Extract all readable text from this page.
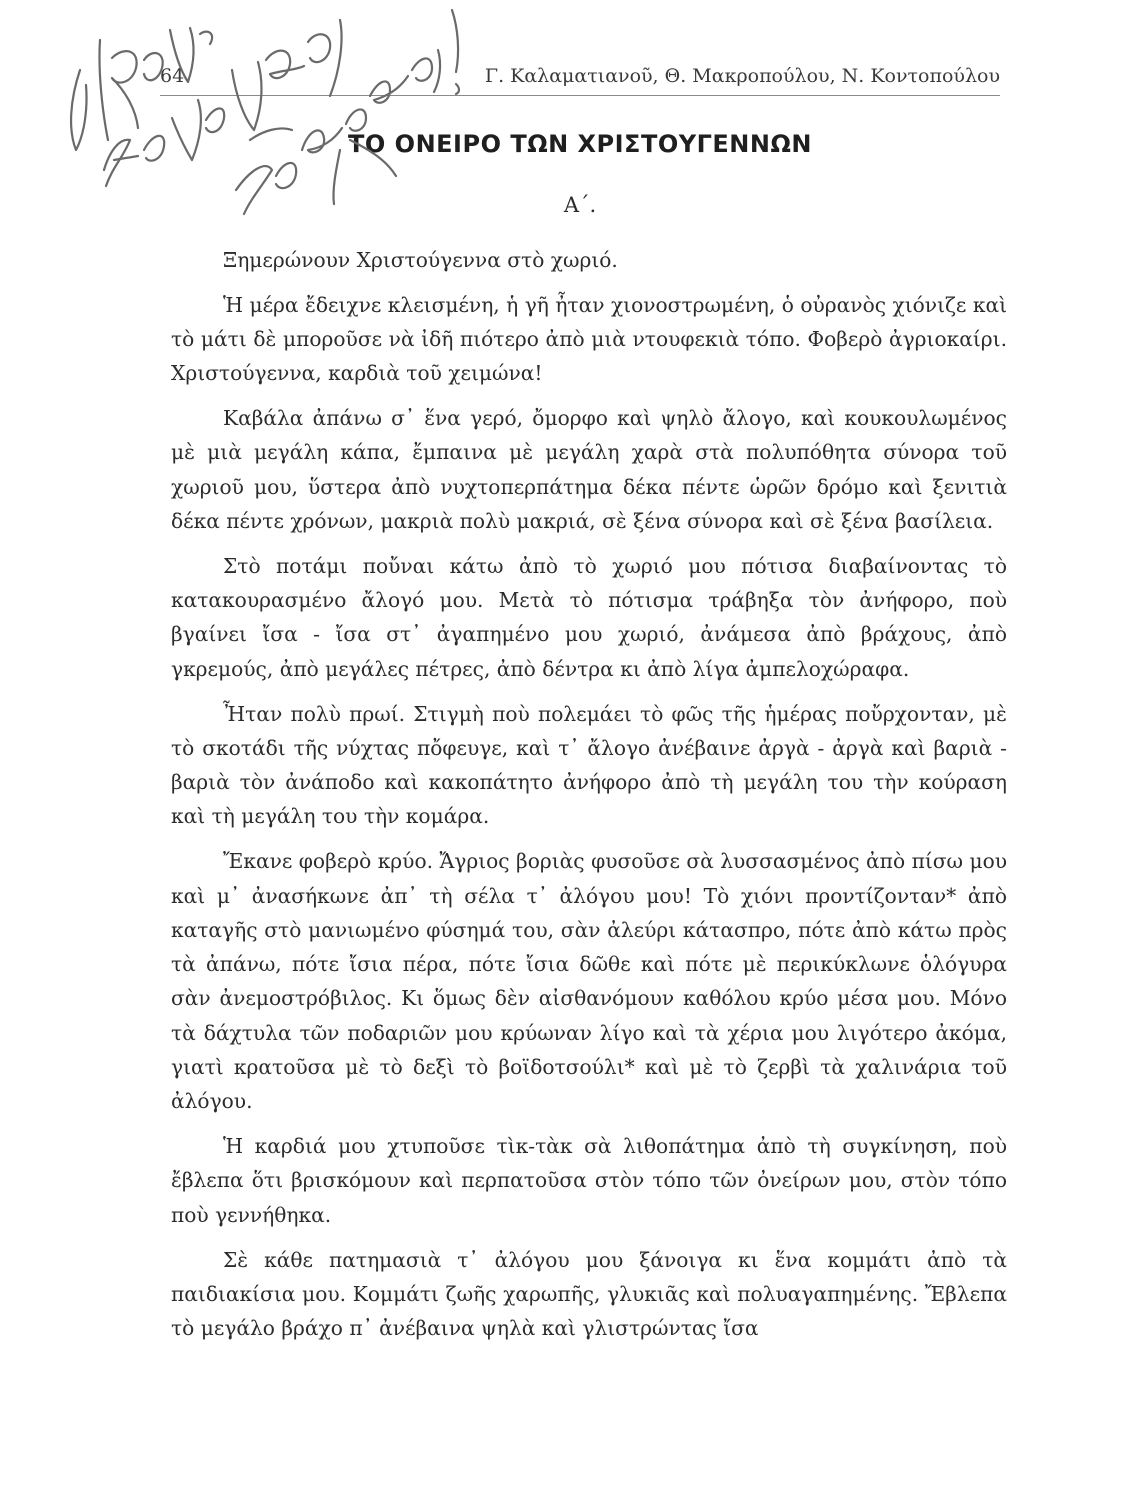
64	Γ. Καλαματιανοῦ, Θ. Μακροπούλου, Ν. Κοντοπούλου
ΤΟ ΟΝΕΙΡΟ ΤΩΝ ΧΡΙΣΤΟΥΓΕΝΝΩΝ
Α΄.

Ξημερώνουν Χριστούγεννα στὸ χωριό.

Ἡ μέρα ἔδειχνε κλεισμένη, ἡ γῆ ἦταν χιονοστρωμένη, ὁ οὐρανὸς χιόνιζε καὶ τὸ μάτι δὲ μποροῦσε νὰ ἰδῆ πιότερο ἀπὸ μιὰ ντουφεκιὰ τόπο. Φοβερὸ ἀγριοκαίρι. Χριστούγεννα, καρδιὰ τοῦ χειμώνα!

Καβάλα ἀπάνω σ᾿ ἕνα γερό, ὄμορφο καὶ ψηλὸ ἄλογο, καὶ κουκουλωμένος μὲ μιὰ μεγάλη κάπα, ἔμπαινα μὲ μεγάλη χαρὰ στὰ πολυπόθητα σύνορα τοῦ χωριοῦ μου, ὕστερα ἀπὸ νυχτοπερπάτημα δέκα πέντε ὡρῶν δρόμο καὶ ξενιτιὰ δέκα πέντε χρόνων, μακριὰ πολὺ μακριά, σὲ ξένα σύνορα καὶ σὲ ξένα βασίλεια.

Στὸ ποτάμι ποὔναι κάτω ἀπὸ τὸ χωριό μου πότισα διαβαίνοντας τὸ κατακουρασμένο ἄλογό μου. Μετὰ τὸ πότισμα τράβηξα τὸν ἀνήφορο, ποὺ βγαίνει ἴσα - ἴσα στ᾿ ἀγαπημένο μου χωριό, ἀνάμεσα ἀπὸ βράχους, ἀπὸ γκρεμούς, ἀπὸ μεγάλες πέτρες, ἀπὸ δέντρα κι ἀπὸ λίγα ἀμπελοχώραφα.

Ἦταν πολὺ πρωί. Στιγμὴ ποὺ πολεμάει τὸ φῶς τῆς ἡμέρας ποὔρχονταν, μὲ τὸ σκοτάδι τῆς νύχτας πὄφευγε, καὶ τ᾿ ἄλογο ἀνέβαινε ἀργὰ - ἀργὰ καὶ βαριὰ - βαριὰ τὸν ἀνάποδο καὶ κακοπάτητο ἀνήφορο ἀπὸ τὴ μεγάλη του τὴν κούραση καὶ τὴ μεγάλη του τὴν κομάρα.

Ἔκανε φοβερὸ κρύο. Ἄγριος βοριὰς φυσοῦσε σὰ λυσσασμένος ἀπὸ πίσω μου καὶ μ᾿ ἀνασήκωνε ἀπ᾿ τὴ σέλα τ᾿ ἀλόγου μου! Τὸ χιόνι προντίζονταν* ἀπὸ καταγῆς στὸ μανιωμένο φύσημά του, σὰν ἀλεύρι κάτασπρο, πότε ἀπὸ κάτω πρὸς τὰ ἀπάνω, πότε ἴσια πέρα, πότε ἴσια δῶθε καὶ πότε μὲ περικύκλωνε ὁλόγυρα σὰν ἀνεμοστρόβιλος. Κι ὅμως δὲν αἰσθανόμουν καθόλου κρύο μέσα μου. Μόνο τὰ δάχτυλα τῶν ποδαριῶν μου κρύωναν λίγο καὶ τὰ χέρια μου λιγότερο ἀκόμα, γιατὶ κρατοῦσα μὲ τὸ δεξὶ τὸ βοϊδοτσούλι* καὶ μὲ τὸ ζερβὶ τὰ χαλινάρια τοῦ ἀλόγου.

Ἡ καρδιά μου χτυποῦσε τὶκ-τὰκ σὰ λιθοπάτημα ἀπὸ τὴ συγκίνηση, ποὺ ἔβλεπα ὅτι βρισκόμουν καὶ περπατοῦσα στὸν τόπο τῶν ὀνείρων μου, στὸν τόπο ποὺ γεννήθηκα.

Σὲ κάθε πατημασιὰ τ᾿ ἀλόγου μου ξάνοιγα κι ἕνα κομμάτι ἀπὸ τὰ παιδιακίσια μου. Κομμάτι ζωῆς χαρωπῆς, γλυκιᾶς καὶ πολυαγαπημένης. Ἔβλεπα τὸ μεγάλο βράχο π᾿ ἀνέβαινα ψηλὰ καὶ γλιστρώντας ἴσα
